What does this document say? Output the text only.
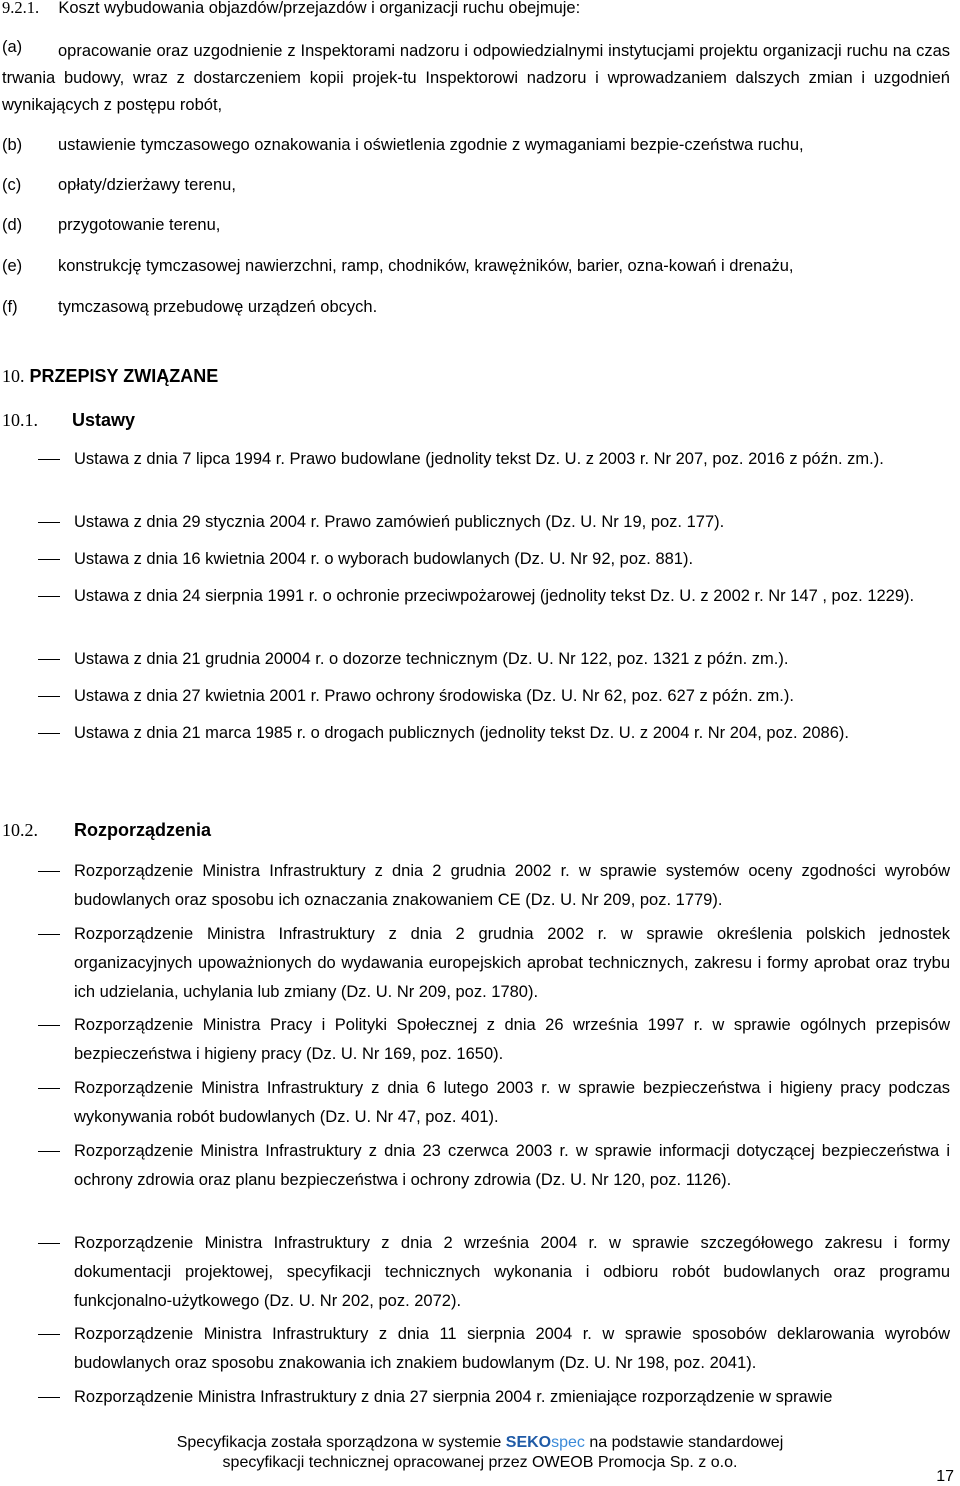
9.2.1. Koszt wybudowania objazdów/przejazdów i organizacji ruchu obejmuje:
(a)	opracowanie oraz uzgodnienie z Inspektorami nadzoru i odpowiedzialnymi instytucjami projektu organizacji ruchu na czas trwania budowy, wraz z dostarczeniem kopii projek-tu Inspektorowi nadzoru i wprowadzaniem dalszych zmian i uzgodnień wynikających z postępu robót,
(b) ustawienie tymczasowego oznakowania i oświetlenia zgodnie z wymaganiami bezpie-czeństwa ruchu,
(c) opłaty/dzierżawy terenu,
(d) przygotowanie terenu,
(e) konstrukcję tymczasowej nawierzchni, ramp, chodników, krawężników, barier, ozna-kowań i drenażu,
(f) tymczasową przebudowę urządzeń obcych.
10. PRZEPISY ZWIĄZANE
10.1. Ustawy
Ustawa z dnia 7 lipca 1994 r. Prawo budowlane (jednolity tekst Dz. U. z 2003 r. Nr 207, poz. 2016 z późn. zm.).
Ustawa z dnia 29 stycznia 2004 r. Prawo zamówień publicznych (Dz. U. Nr 19, poz. 177).
Ustawa z dnia 16 kwietnia 2004 r. o wyborach budowlanych (Dz. U. Nr 92, poz. 881).
Ustawa z dnia 24 sierpnia 1991 r. o ochronie przeciwpożarowej (jednolity tekst Dz. U. z 2002 r. Nr 147 , poz. 1229).
Ustawa z dnia 21 grudnia 20004 r. o dozorze technicznym (Dz. U. Nr 122, poz. 1321 z późn. zm.).
Ustawa z dnia 27 kwietnia 2001 r. Prawo ochrony środowiska (Dz. U. Nr 62, poz. 627 z późn. zm.).
Ustawa z dnia 21 marca 1985 r. o drogach publicznych (jednolity tekst Dz. U. z 2004 r. Nr 204, poz. 2086).
10.2. Rozporządzenia
Rozporządzenie Ministra Infrastruktury z dnia 2 grudnia 2002 r. w sprawie systemów oceny zgodności wyrobów budowlanych oraz sposobu ich oznaczania znakowaniem CE (Dz. U. Nr 209, poz. 1779).
Rozporządzenie Ministra Infrastruktury z dnia 2 grudnia 2002 r. w sprawie określenia polskich jednostek organizacyjnych upoważnionych do wydawania europejskich aprobat technicznych, zakresu i formy aprobat oraz trybu ich udzielania, uchylania lub zmiany (Dz. U. Nr 209, poz. 1780).
Rozporządzenie Ministra Pracy i Polityki Społecznej z dnia 26 września 1997 r. w sprawie ogólnych przepisów bezpieczeństwa i higieny pracy (Dz. U. Nr 169, poz. 1650).
Rozporządzenie Ministra Infrastruktury z dnia 6 lutego 2003 r. w sprawie bezpieczeństwa i higieny pracy podczas wykonywania robót budowlanych (Dz. U. Nr 47, poz. 401).
Rozporządzenie Ministra Infrastruktury z dnia 23 czerwca 2003 r. w sprawie informacji dotyczącej bezpieczeństwa i ochrony zdrowia oraz planu bezpieczeństwa i ochrony zdrowia (Dz. U. Nr 120, poz. 1126).
Rozporządzenie Ministra Infrastruktury z dnia 2 września 2004 r. w sprawie szczegółowego zakresu i formy dokumentacji projektowej, specyfikacji technicznych wykonania i odbioru robót budowlanych oraz programu funkcjonalno-użytkowego (Dz. U. Nr 202, poz. 2072).
Rozporządzenie Ministra Infrastruktury z dnia 11 sierpnia 2004 r. w sprawie sposobów deklarowania wyrobów budowlanych oraz sposobu znakowania ich znakiem budowlanym (Dz. U. Nr 198, poz. 2041).
Rozporządzenie Ministra Infrastruktury z dnia 27 sierpnia 2004 r. zmieniające rozporządzenie w sprawie
Specyfikacja została sporządzona w systemie SEKOspec na podstawie standardowej
specyfikacji technicznej opracowanej przez OWEOB Promocja Sp. z o.o.
17
